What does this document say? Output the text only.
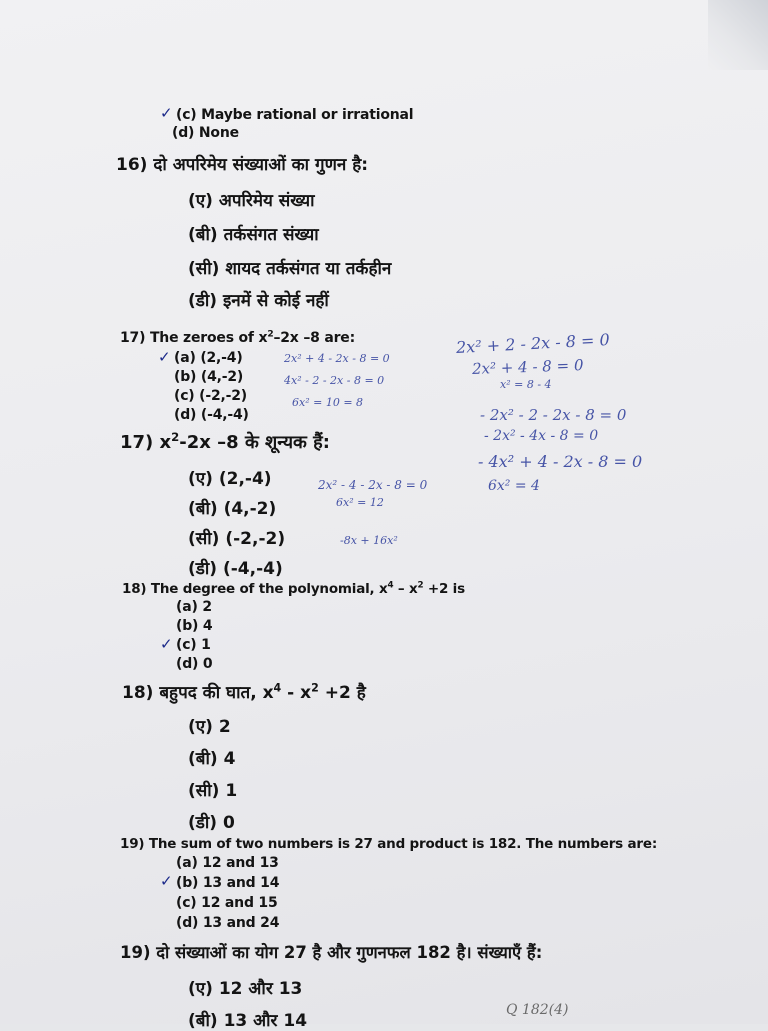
✓ (c) Maybe rational or irrational
(d) None
16) दो अपरिमेय संख्याओं का गुणन है:
(ए) अपरिमेय संख्या
(बी) तर्कसंगत संख्या
(सी) शायद तर्कसंगत या तर्कहीन
(डी) इनमें से कोई नहीं
17) The zeroes of $x^2-2x$ –8 are:
✓ (a) (2,-4)
(b) (4,-2)
(c) (-2,-2)
(d) (-4,-4)
17) $x^2-2x$ –8 के शून्यक हैं:
(ए) (2,-4)
(बी) (4,-2)
(सी) (-2,-2)
(डी) (-4,-4)
18) The degree of the polynomial, $x^4 - x^2 +2$ is
(a) 2
(b) 4
✓ (c) 1
(d) 0
18) बहुपद की घात, $x^4 - x^2 +2$ है
(ए) 2
(बी) 4
(सी) 1
(डी) 0
19) The sum of two numbers is 27 and product is 182. The numbers are:
(a) 12 and 13
✓ (b) 13 and 14
(c) 12 and 15
(d) 13 and 24
19) दो संख्याओं का योग 27 है और गुणनफल 182 है। संख्याएँ हैं:
(ए) 12 और 13
(बी) 13 और 14
2x² + 2 - 2x - 8 = 0
2x² + 4 - 8 = 0
x² = 8 - 4
- 2x² - 2 - 2x - 8 = 0
- 2x² - 4x - 8 = 0
- 4x² + 4 - 2x - 8 = 0
6x² = 4
2x² + 4 - 2x - 8 = 0
4x² - 2 - 2x - 8 = 0
6x² = 10 = 8
2x² - 4 - 2x - 8 = 0
6x² = 12
-8x + 16x²
Q 182(4)
